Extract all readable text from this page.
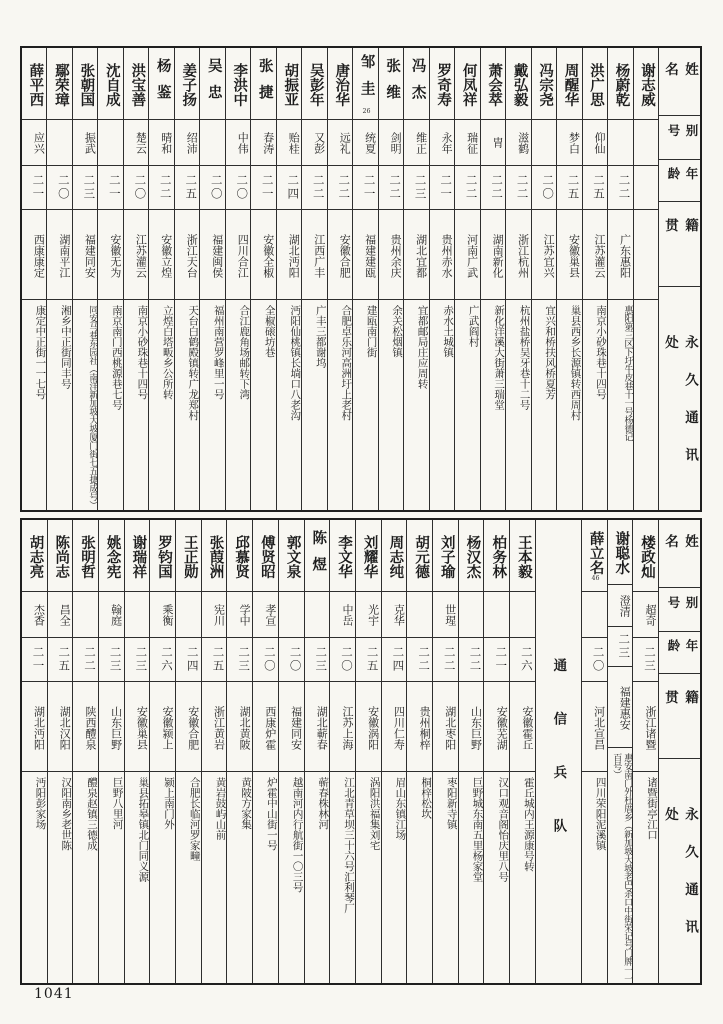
姓名
别号
年龄
籍贯
永久通讯处
谢志威
杨蔚乾
二二
广东惠阳
惠阳第三区下圩牛皮巷十一号杨德记
洪广思
仰仙
二五
江苏灌云
南京小砂珠巷十四号
周醒华
梦白
二五
安徽巢县
巢县西乡长源镇转西周村
冯宗尧
二〇
江苏宜兴
宜兴和桥扶风桥夏芳
戴弘毅
滋鹤
二二
浙江杭州
杭州盐桥吴牙巷十二号
萧会萃
胄
二二
湖南新化
新化洋溪大街萧三瑞堂
何凤祥
瑞征
二二
河南广武
广武阎村
罗奇寿
永年
二一
贵州赤水
赤水土城镇
冯杰
维正
二三
湖北宜都
宜都邮局庄应周转
张维
剑明
二二
贵州余庆
余关松烟镇
邹圭26
统夏
二一
福建建瓯
建瓯南门街
唐治华
远礼
二二
安徽合肥
合肥卓乐河高洲圩上老村
吴彭年
又彭
二二
江西广丰
广丰三都谢坞
胡振亚
贻桂
二四
湖北沔阳
沔阳仙桃镇长埫口八老沟
张捷
春涛
二一
安徽全椒
全椒磙坊巷
李洪中
中伟
二〇
四川合江
合江鹿角场邮转下湾
吴忠
二〇
福建闽侯
福州南营罗峰里一号
姜子扬
绍沛
二五
浙江天台
天台白鹤殿镇转广龙郑村
杨鉴
晴和
二二
安徽立煌
立煌白塔畈乡公所转
洪宝善
楚云
二〇
江苏灌云
南京小砂珠巷十四号
沈自成
二一
安徽无为
南京南门西桃源巷七号
张朝国
振武
二三
福建同安
同安马巷东园社（南洋新加坡大坡厦门街七五捷成号）
鄢荣璋
二〇
湖南平江
湘乡中正街同丰号
薛平西
应兴
二一
西康康定
康定中正街一一七号
姓名
别号
年龄
籍贯
永久通讯处
楼政灿
超奇
二三
浙江诸暨
诸暨街亭江口
谢聪水
澄清
二三
福建惠安
惠安南门外杜厝乡（新加坡大坡老巴杀口中街荣记号门牌一一百号）
薛立名46
二〇
河北宣昌
四川荣阳泥溪镇
通信兵队
王本毅
二六
安徽霍丘
霍丘城内王源康号转
柏务林
二一
安徽芜湖
汉口观音阁怡庆里八号
杨汉杰
二二
山东巨野
巨野城东南五里杨家堂
刘子瑜
世瑆
二二
湖北枣阳
枣阳新寺镇
胡元德
二二
贵州桐梓
桐梓松坎
周志纯
克华
二四
四川仁寿
眉山东镇江场
刘耀华
光宇
二五
安徽涡阳
涡阳洪福集刘宅
李文华
中岳
二〇
江苏上海
江北青草坝三十六号汇利琴厂
陈煜
二三
湖北蕲春
蕲春株林河
郭文泉
二〇
福建同安
越南河内行航街一〇三号
傅贤昭
孝宣
二〇
西康炉霍
炉霍中山街一号
邱慕贤
学中
二三
湖北黄陂
黄陂方家集
张葭洲
宪川
二五
浙江黄岩
黄岩鼓屿山前
王正勋
二四
安徽合肥
合肥长临河罗家疃
罗钧国
乘衡
二六
安徽颍上
颍上南门外
谢瑞祥
二三
安徽巢县
巢县拓皋镇北门同义源
姚念宪
翰庭
二三
山东巨野
巨野八里河
张明哲
二二
陕西醴泉
醴泉赵镇三德成
陈尚志
昌全
二五
湖北汉阳
汉阳南乡老世陈
胡志亮
杰香
二一
湖北沔阳
沔阳彭家场
1041
